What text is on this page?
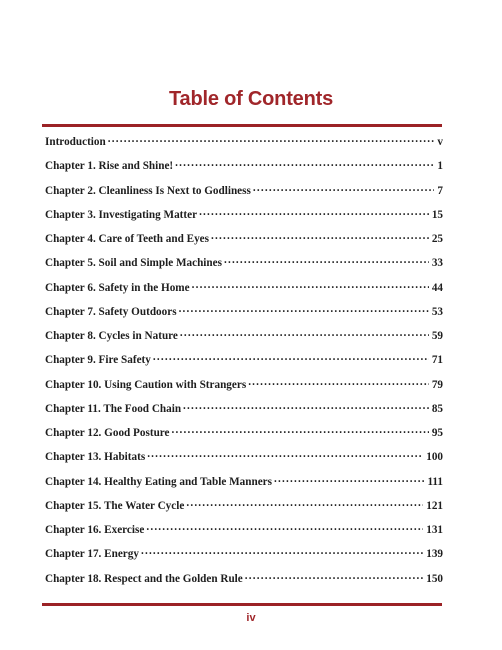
Table of Contents
Introduction . . .	v
Chapter 1. Rise and Shine! . . .	1
Chapter 2. Cleanliness Is Next to Godliness . . .	7
Chapter 3. Investigating Matter . . .	15
Chapter 4. Care of Teeth and Eyes . . .	25
Chapter 5. Soil and Simple Machines . . .	33
Chapter 6. Safety in the Home . . .	44
Chapter 7. Safety Outdoors . . .	53
Chapter 8. Cycles in Nature . . .	59
Chapter 9. Fire Safety . . .	71
Chapter 10. Using Caution with Strangers . . .	79
Chapter 11. The Food Chain . . .	85
Chapter 12. Good Posture . . .	95
Chapter 13. Habitats . . .	100
Chapter 14. Healthy Eating and Table Manners . . .	111
Chapter 15. The Water Cycle . . .	121
Chapter 16. Exercise . . .	131
Chapter 17. Energy . . .	139
Chapter 18. Respect and the Golden Rule . . .	150
iv
